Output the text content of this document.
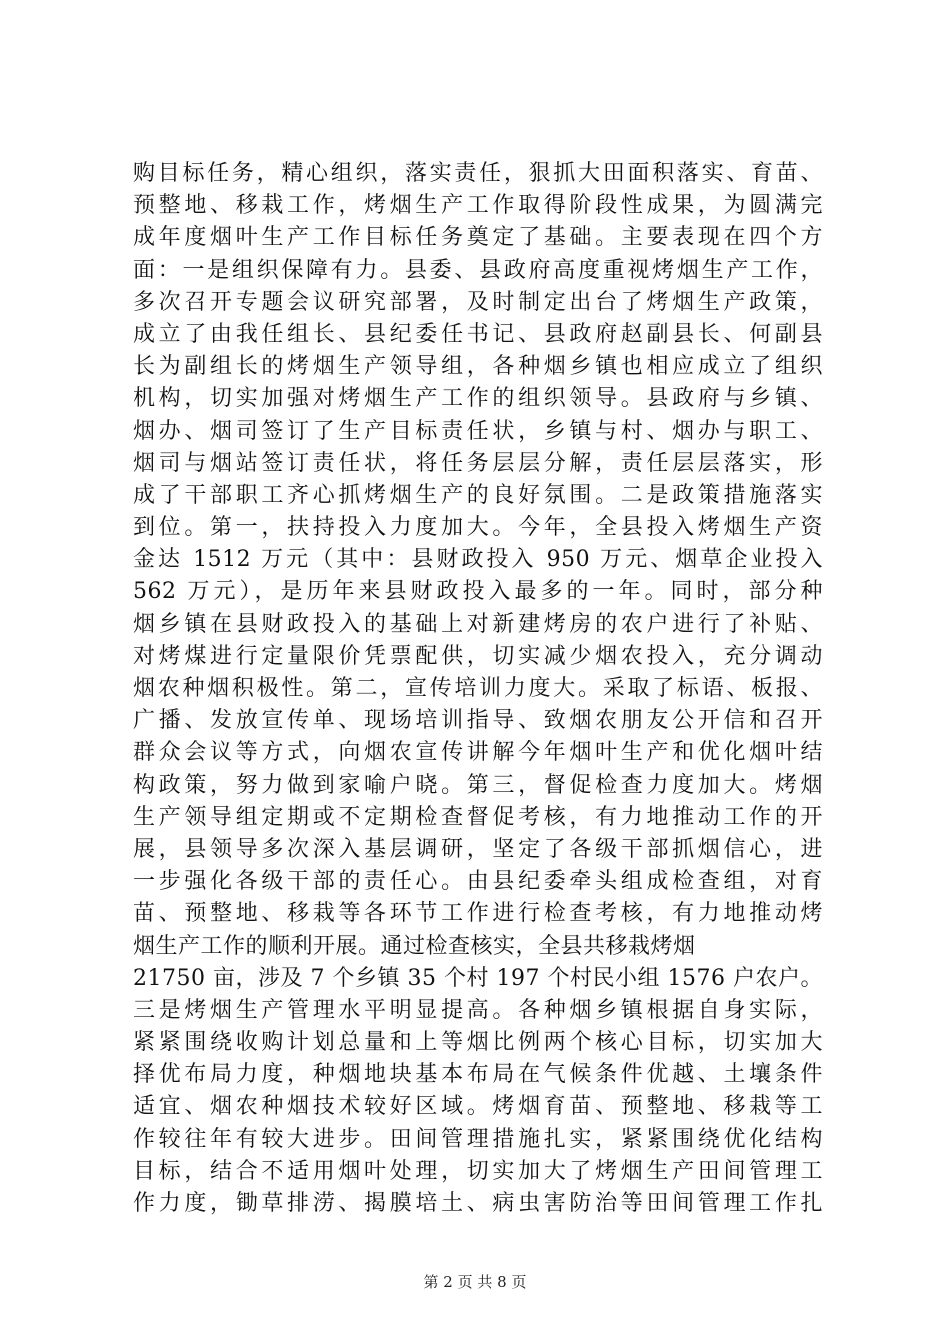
购目标任务，精心组织，落实责任，狠抓大田面积落实、育苗、
预整地、移栽工作，烤烟生产工作取得阶段性成果，为圆满完
成年度烟叶生产工作目标任务奠定了基础。主要表现在四个方
面：一是组织保障有力。县委、县政府高度重视烤烟生产工作，
多次召开专题会议研究部署，及时制定出台了烤烟生产政策，
成立了由我任组长、县纪委任书记、县政府赵副县长、何副县
长为副组长的烤烟生产领导组，各种烟乡镇也相应成立了组织
机构，切实加强对烤烟生产工作的组织领导。县政府与乡镇、
烟办、烟司签订了生产目标责任状，乡镇与村、烟办与职工、
烟司与烟站签订责任状，将任务层层分解，责任层层落实，形
成了干部职工齐心抓烤烟生产的良好氛围。二是政策措施落实
到位。第一，扶持投入力度加大。今年，全县投入烤烟生产资
金达 1512 万元（其中：县财政投入 950 万元、烟草企业投入
562 万元），是历年来县财政投入最多的一年。同时，部分种
烟乡镇在县财政投入的基础上对新建烤房的农户进行了补贴、
对烤煤进行定量限价凭票配供，切实减少烟农投入，充分调动
烟农种烟积极性。第二，宣传培训力度大。采取了标语、板报、
广播、发放宣传单、现场培训指导、致烟农朋友公开信和召开
群众会议等方式，向烟农宣传讲解今年烟叶生产和优化烟叶结
构政策，努力做到家喻户晓。第三，督促检查力度加大。烤烟
生产领导组定期或不定期检查督促考核，有力地推动工作的开
展，县领导多次深入基层调研，坚定了各级干部抓烟信心，进
一步强化各级干部的责任心。由县纪委牵头组成检查组，对育
苗、预整地、移栽等各环节工作进行检查考核，有力地推动烤
烟生产工作的顺利开展。通过检查核实，全县共移栽烤烟
21750 亩，涉及 7 个乡镇 35 个村 197 个村民小组 1576 户农户。
三是烤烟生产管理水平明显提高。各种烟乡镇根据自身实际，
紧紧围绕收购计划总量和上等烟比例两个核心目标，切实加大
择优布局力度，种烟地块基本布局在气候条件优越、土壤条件
适宜、烟农种烟技术较好区域。烤烟育苗、预整地、移栽等工
作较往年有较大进步。田间管理措施扎实，紧紧围绕优化结构
目标，结合不适用烟叶处理，切实加大了烤烟生产田间管理工
作力度，锄草排涝、揭膜培土、病虫害防治等田间管理工作扎
第 2 页 共 8 页
